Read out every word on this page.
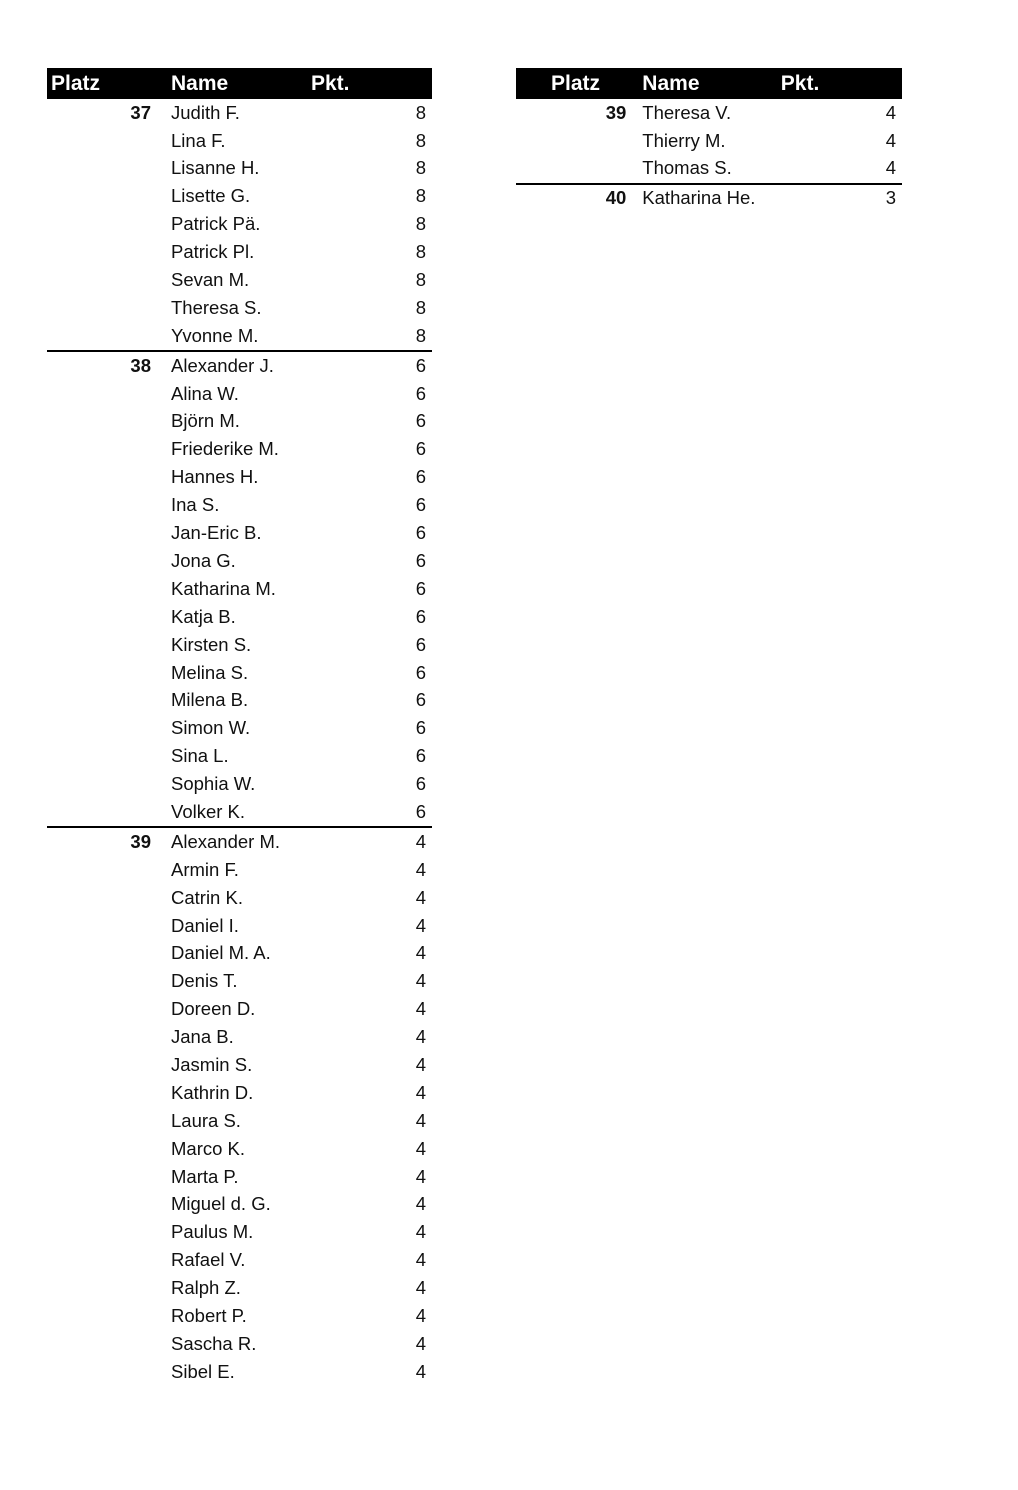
Platz	Name	Pkt.
37	Judith F.	8
	Lina F.	8
	Lisanne H.	8
	Lisette G.	8
	Patrick Pä.	8
	Patrick Pl.	8
	Sevan M.	8
	Theresa S.	8
	Yvonne M.	8
38	Alexander J.	6
	Alina W.	6
	Björn M.	6
	Friederike M.	6
	Hannes H.	6
	Ina S.	6
	Jan-Eric B.	6
	Jona G.	6
	Katharina M.	6
	Katja B.	6
	Kirsten S.	6
	Melina S.	6
	Milena B.	6
	Simon W.	6
	Sina L.	6
	Sophia W.	6
	Volker K.	6
39	Alexander M.	4
	Armin F.	4
	Catrin K.	4
	Daniel I.	4
	Daniel M. A.	4
	Denis T.	4
	Doreen D.	4
	Jana B.	4
	Jasmin S.	4
	Kathrin D.	4
	Laura S.	4
	Marco K.	4
	Marta P.	4
	Miguel d. G.	4
	Paulus M.	4
	Rafael V.	4
	Ralph Z.	4
	Robert P.	4
	Sascha R.	4
	Sibel E.	4
Platz	Name	Pkt.
39	Theresa V.	4
	Thierry M.	4
	Thomas S.	4
40	Katharina He.	3
